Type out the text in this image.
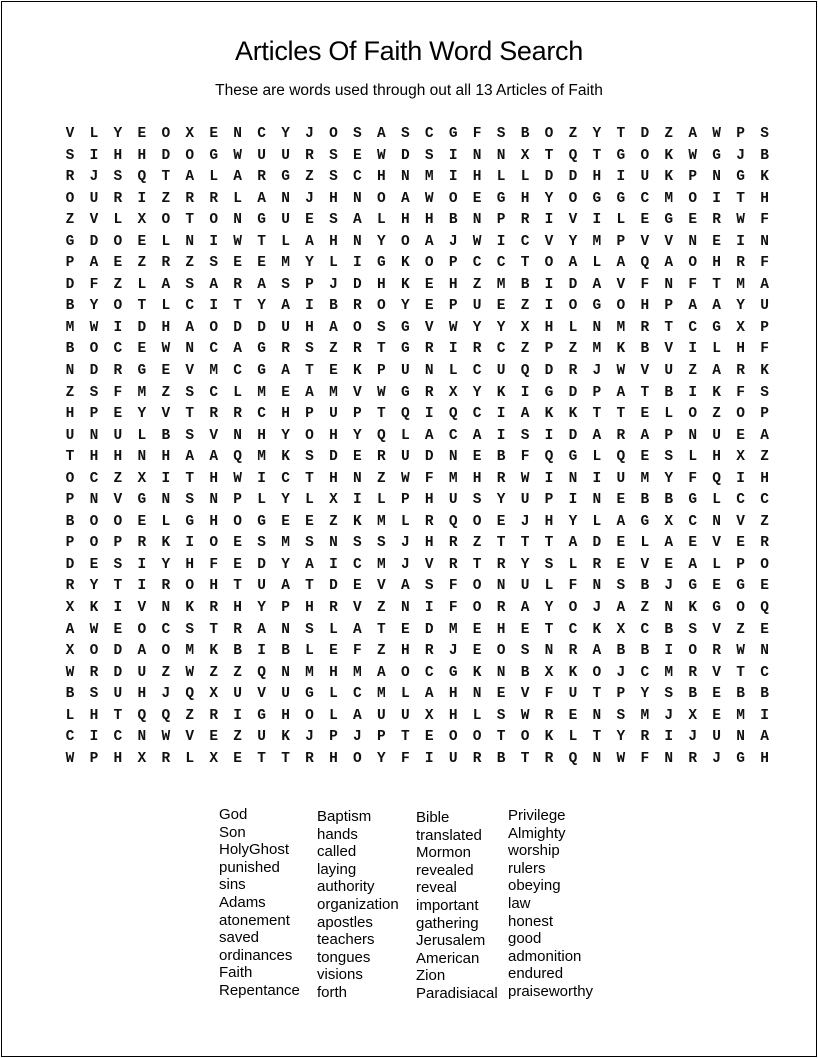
Articles Of Faith Word Search
These are words used through out all 13 Articles of Faith
V	L	Y	E	O	X	E	N	C	Y	J	O	S	A	S	C	G	F	S	B	O	Z	Y	T	D	Z	A	W	P	S
S	I	H	H	D	O	G	W	U	U	R	S	E	W	D	S	I	N	N	X	T	Q	T	G	O	K	W	G	J	B
R	J	S	Q	T	A	L	A	R	G	Z	S	C	H	N	M	I	H	L	L	D	D	H	I	U	K	P	N	G	K
O	U	R	I	Z	R	R	L	A	N	J	H	N	O	A	W	O	E	G	H	Y	O	G	G	C	M	O	I	T	H
Z	V	L	X	O	T	O	N	G	U	E	S	A	L	H	H	B	N	P	R	I	V	I	L	E	G	E	R	W	F
G	D	O	E	L	N	I	W	T	L	A	H	N	Y	O	A	J	W	I	C	V	Y	M	P	V	V	N	E	I	N
P	A	E	Z	R	Z	S	E	E	M	Y	L	I	G	K	O	P	C	C	T	O	A	L	A	Q	A	O	H	R	F
D	F	Z	L	A	S	A	R	A	S	P	J	D	H	K	E	H	Z	M	B	I	D	A	V	F	N	F	T	M	A
B	Y	O	T	L	C	I	T	Y	A	I	B	R	O	Y	E	P	U	E	Z	I	O	G	O	H	P	A	A	Y	U
M	W	I	D	H	A	O	D	D	U	H	A	O	S	G	V	W	Y	Y	X	H	L	N	M	R	T	C	G	X	P
B	O	C	E	W	N	C	A	G	R	S	Z	R	T	G	R	I	R	C	Z	P	Z	M	K	B	V	I	L	H	F
N	D	R	G	E	V	M	C	G	A	T	E	K	P	U	N	L	C	U	Q	D	R	J	W	V	U	Z	A	R	K
Z	S	F	M	Z	S	C	L	M	E	A	M	V	W	G	R	X	Y	K	I	G	D	P	A	T	B	I	K	F	S
H	P	E	Y	V	T	R	R	C	H	P	U	P	T	Q	I	Q	C	I	A	K	K	T	T	E	L	O	Z	O	P
U	N	U	L	B	S	V	N	H	Y	O	H	Y	Q	L	A	C	A	I	S	I	D	A	R	A	P	N	U	E	A
T	H	H	N	H	A	A	Q	M	K	S	D	E	R	U	D	N	E	B	F	Q	G	L	Q	E	S	L	H	X	Z
O	C	Z	X	I	T	H	W	I	C	T	H	N	Z	W	F	M	H	R	W	I	N	I	U	M	Y	F	Q	I	H
P	N	V	G	N	S	N	P	L	Y	L	X	I	L	P	H	U	S	Y	U	P	I	N	E	B	B	G	L	C	C
B	O	O	E	L	G	H	O	G	E	E	Z	K	M	L	R	Q	O	E	J	H	Y	L	A	G	X	C	N	V	Z
P	O	P	R	K	I	O	E	S	M	S	N	S	S	J	H	R	Z	T	T	T	A	D	E	L	A	E	V	E	R
D	E	S	I	Y	H	F	E	D	Y	A	I	C	M	J	V	R	T	R	Y	S	L	R	E	V	E	A	L	P	O
R	Y	T	I	R	O	H	T	U	A	T	D	E	V	A	S	F	O	N	U	L	F	N	S	B	J	G	E	G	E
X	K	I	V	N	K	R	H	Y	P	H	R	V	Z	N	I	F	O	R	A	Y	O	J	A	Z	N	K	G	O	Q
A	W	E	O	C	S	T	R	A	N	S	L	A	T	E	D	M	E	H	E	T	C	K	X	C	B	S	V	Z	E
X	O	D	A	O	M	K	B	I	B	L	E	F	Z	H	R	J	E	O	S	N	R	A	B	B	I	O	R	W	N
W	R	D	U	Z	W	Z	Z	Q	N	M	H	M	A	O	C	G	K	N	B	X	K	O	J	C	M	R	V	T	C
B	S	U	H	J	Q	X	U	V	U	G	L	C	M	L	A	H	N	E	V	F	U	T	P	Y	S	B	E	B	B
L	H	T	Q	Q	Z	R	I	G	H	O	L	A	U	U	X	H	L	S	W	R	E	N	S	M	J	X	E	M	I
C	I	C	N	W	V	E	Z	U	K	J	P	J	P	T	E	O	O	T	O	K	L	T	Y	R	I	J	U	N	A
W	P	H	X	R	L	X	E	T	T	R	H	O	Y	F	I	U	R	B	T	R	Q	N	W	F	N	R	J	G	H
God
Son
HolyGhost
punished
sins
Adams
atonement
saved
ordinances
Faith
Repentance
Baptism
hands
called
laying
authority
organization
apostles
teachers
tongues
visions
forth
Bible
translated
Mormon
revealed
reveal
important
gathering
Jerusalem
American
Zion
Paradisiacal
Privilege
Almighty
worship
rulers
obeying
law
honest
good
admonition
endured
praiseworthy
